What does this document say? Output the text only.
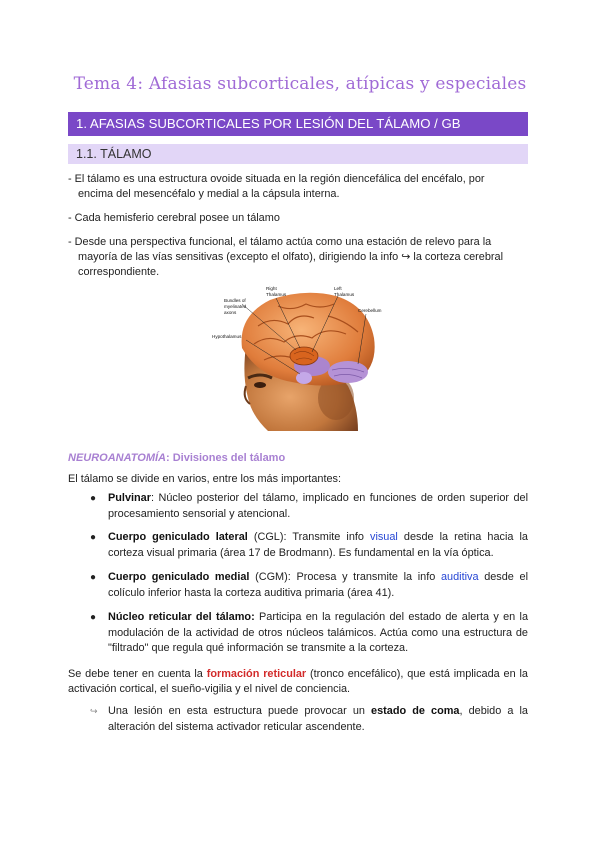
Tema 4: Afasias subcorticales, atípicas y especiales
1. AFASIAS SUBCORTICALES POR LESIÓN DEL TÁLAMO / GB
1.1. TÁLAMO
- El tálamo es una estructura ovoide situada en la región diencefálica del encéfalo, por
encima del mesencéfalo y medial a la cápsula interna.
- Cada hemisferio cerebral posee un tálamo
- Desde una perspectiva funcional, el tálamo actúa como una estación de relevo para la
mayoría de las vías sensitivas (excepto el olfato), dirigiendo la info ↪ la corteza cerebral
correspondiente.
Bundles of
myelinated
axons
Right
Thalamus
Left
Thalamus
Cerebellum
Hypothalamus
NEUROANATOMÍA: Divisiones del tálamo
El tálamo se divide en varios, entre los más importantes:
● Pulvinar: Núcleo posterior del tálamo, implicado en funciones de orden superior del procesamiento sensorial y atencional.
● Cuerpo geniculado lateral (CGL): Transmite info visual desde la retina hacia la corteza visual primaria (área 17 de Brodmann). Es fundamental en la vía óptica.
● Cuerpo geniculado medial (CGM): Procesa y transmite la info auditiva desde el colículo inferior hasta la corteza auditiva primaria (área 41).
● Núcleo reticular del tálamo: Participa en la regulación del estado de alerta y en la modulación de la actividad de otros núcleos talámicos. Actúa como una estructura de "filtrado" que regula qué información se transmite a la corteza.
Se debe tener en cuenta la formación reticular (tronco encefálico), que está implicada en la activación cortical, el sueño-vigilia y el nivel de conciencia.
↪ Una lesión en esta estructura puede provocar un estado de coma, debido a la alteración del sistema activador reticular ascendente.
